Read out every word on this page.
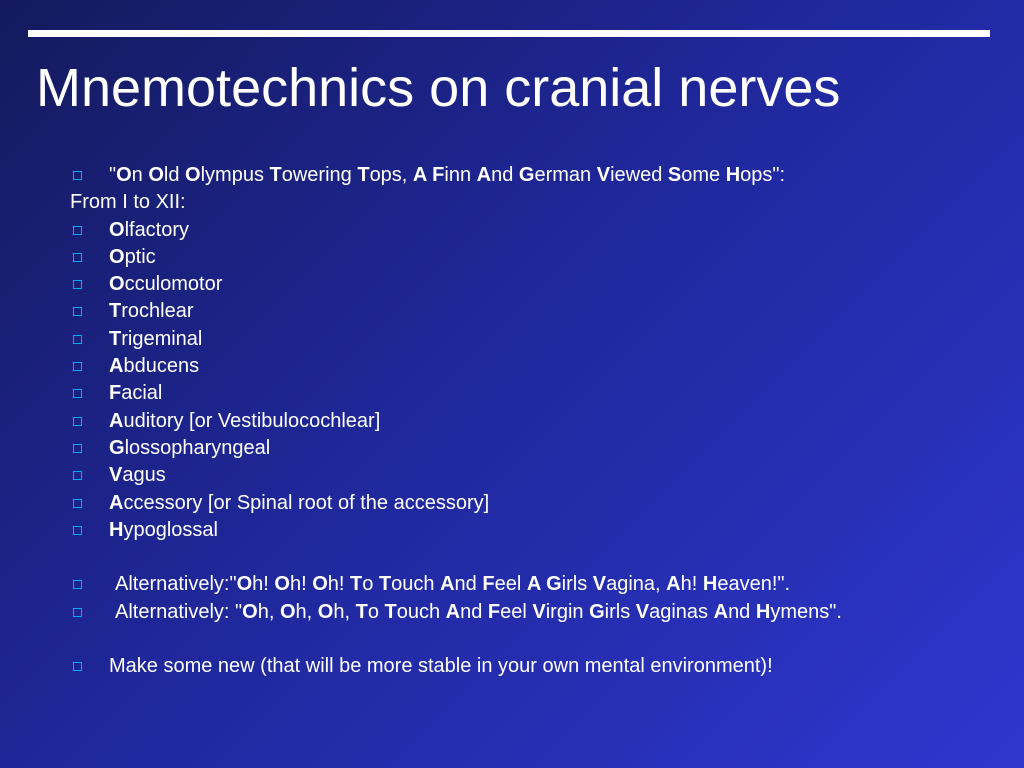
Mnemotechnics on cranial nerves
"On Old Olympus Towering Tops, A Finn And German Viewed Some Hops":
From I to XII:
Olfactory
Optic
Occulomotor
Trochlear
Trigeminal
Abducens
Facial
Auditory [or Vestibulocochlear]
Glossopharyngeal
Vagus
Accessory [or Spinal root of the accessory]
Hypoglossal
Alternatively:"Oh! Oh! Oh! To Touch And Feel A Girls Vagina, Ah! Heaven!".
Alternatively: "Oh, Oh, Oh, To Touch And Feel Virgin Girls Vaginas And Hymens".
Make some new (that will be more stable in your own mental environment)!
